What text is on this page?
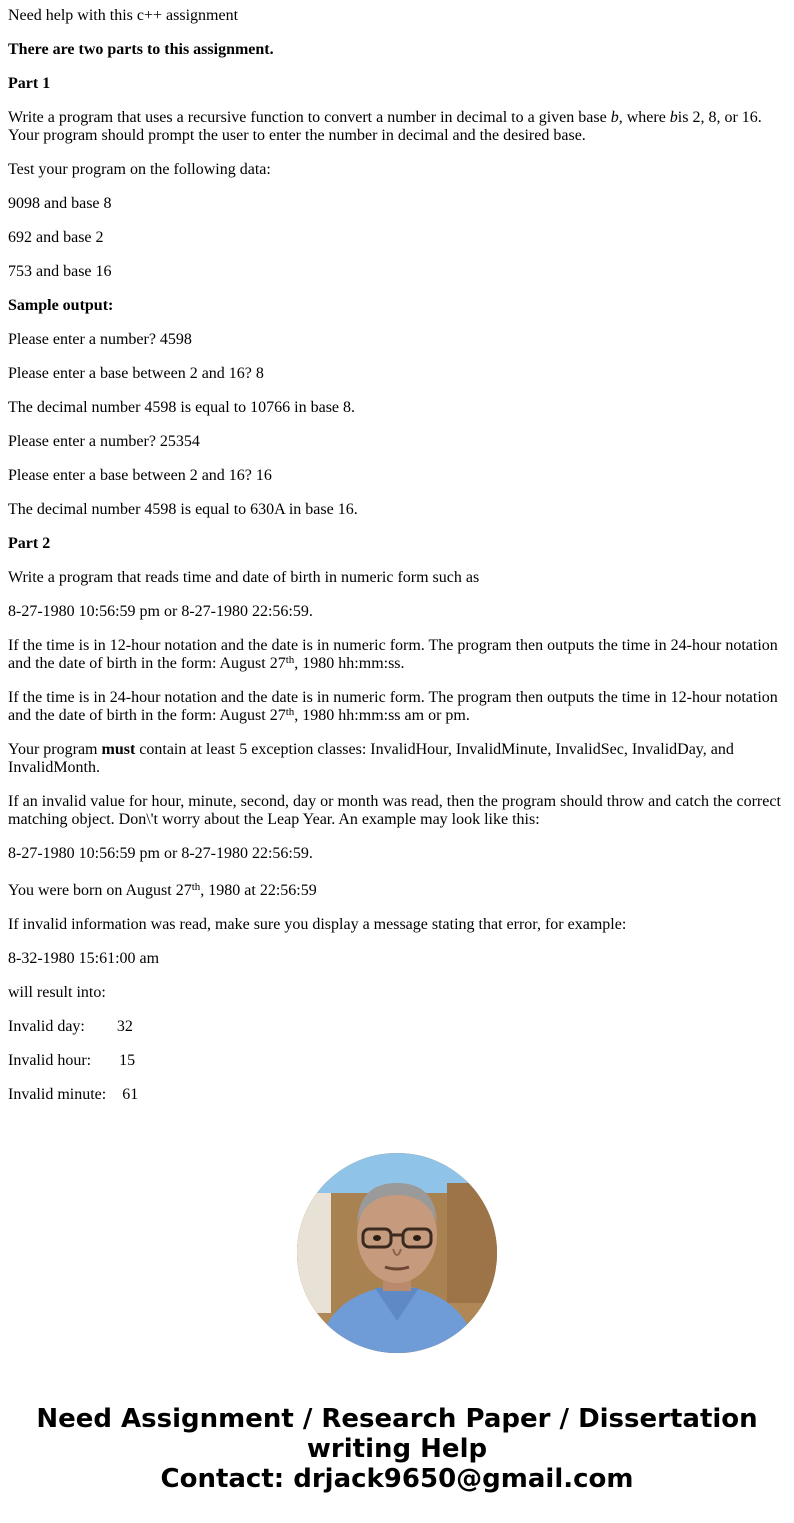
Need help with this c++ assignment

There are two parts to this assignment.

Part 1

Write a program that uses a recursive function to convert a number in decimal to a given base b, where bis 2, 8, or 16. Your program should prompt the user to enter the number in decimal and the desired base.

Test your program on the following data:

9098 and base 8

692 and base 2

753 and base 16

Sample output:

Please enter a number? 4598

Please enter a base between 2 and 16? 8

The decimal number 4598 is equal to 10766 in base 8.

Please enter a number? 25354

Please enter a base between 2 and 16? 16

The decimal number 4598 is equal to 630A in base 16.

Part 2

Write a program that reads time and date of birth in numeric form such as

8-27-1980 10:56:59 pm or 8-27-1980 22:56:59.

If the time is in 12-hour notation and the date is in numeric form. The program then outputs the time in 24-hour notation and the date of birth in the form: August 27th, 1980 hh:mm:ss.

If the time is in 24-hour notation and the date is in numeric form. The program then outputs the time in 12-hour notation and the date of birth in the form: August 27th, 1980 hh:mm:ss am or pm.

Your program must contain at least 5 exception classes: InvalidHour, InvalidMinute, InvalidSec, InvalidDay, and InvalidMonth.

If an invalid value for hour, minute, second, day or month was read, then the program should throw and catch the correct matching object. Don\'t worry about the Leap Year. An example may look like this:

8-27-1980 10:56:59 pm or 8-27-1980 22:56:59.

You were born on August 27th, 1980 at 22:56:59

If invalid information was read, make sure you display a message stating that error, for example:

8-32-1980 15:61:00 am

will result into:

Invalid day: 32

Invalid hour: 15

Invalid minute: 61

Need Assignment / Research Paper / Dissertation
writing Help
Contact: drjack9650@gmail.com
